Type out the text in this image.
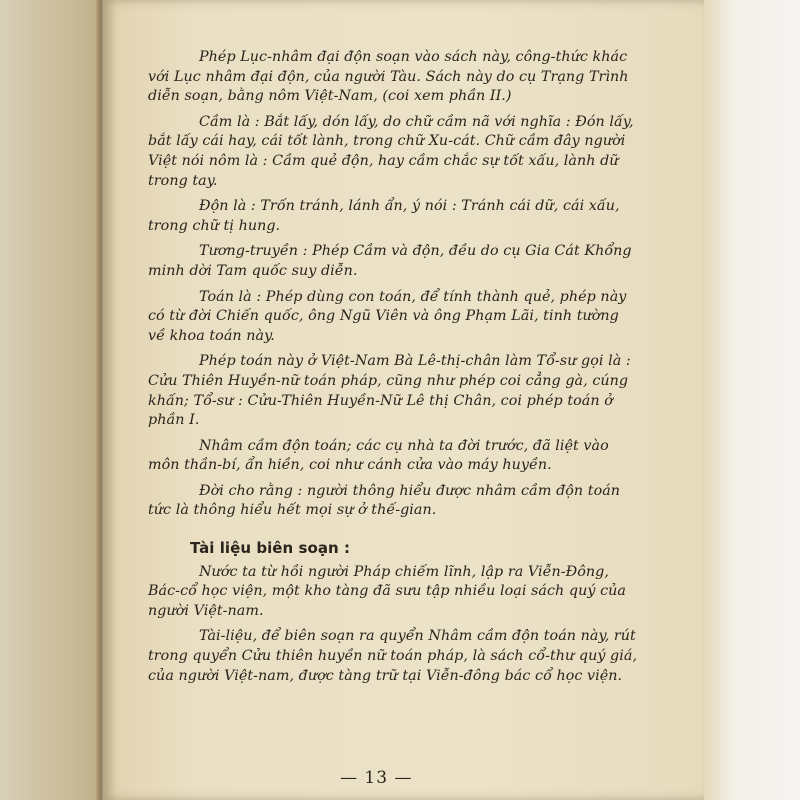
Phép Lục-nhâm đại độn soạn vào sách này, công-thức khác với Lục nhâm đại độn, của người Tàu. Sách này do cụ Trạng Trình diễn soạn, bằng nôm Việt-Nam, (coi xem phần II.)

Cầm là : Bắt lấy, dón lấy, do chữ cầm nã với nghĩa : Đón lấy, bắt lấy cái hay, cái tốt lành, trong chữ Xu-cát. Chữ cầm đây người Việt nói nôm là : Cầm quẻ độn, hay cầm chắc sự tốt xấu, lành dữ trong tay.

Độn là : Trốn tránh, lánh ẩn, ý nói : Tránh cái dữ, cái xấu, trong chữ tị hung.

Tương-truyền : Phép Cầm và độn, đều do cụ Gia Cát Khổng minh dời Tam quốc suy diễn.

Toán là : Phép dùng con toán, để tính thành quẻ, phép này có từ đời Chiến quốc, ông Ngũ Viên và ông Phạm Lãi, tinh tường về khoa toán này.

Phép toán này ở Việt-Nam Bà Lê-thị-chân làm Tổ-sư gọi là : Cửu Thiên Huyền-nữ toán pháp, cũng như phép coi cẳng gà, cúng khấn; Tổ-sư : Cửu-Thiên Huyền-Nữ Lê thị Chân, coi phép toán ở phần I.

Nhâm cầm độn toán; các cụ nhà ta đời trước, đã liệt vào môn thần-bí, ẩn hiền, coi như cánh cửa vào máy huyền.

Đời cho rằng : người thông hiểu được nhâm cầm độn toán tức là thông hiểu hết mọi sự ở thế-gian.

Tài liệu biên soạn :

Nước ta từ hồi người Pháp chiếm lĩnh, lập ra Viễn-Đông, Bác-cổ học viện, một kho tàng đã sưu tập nhiều loại sách quý của người Việt-nam.

Tài-liệu, để biên soạn ra quyển Nhâm cầm độn toán này, rút trong quyển Cửu thiên huyền nữ toán pháp, là sách cổ-thư quý giá, của người Việt-nam, được tàng trữ tại Viễn-đông bác cổ học viện.

— 13 —
